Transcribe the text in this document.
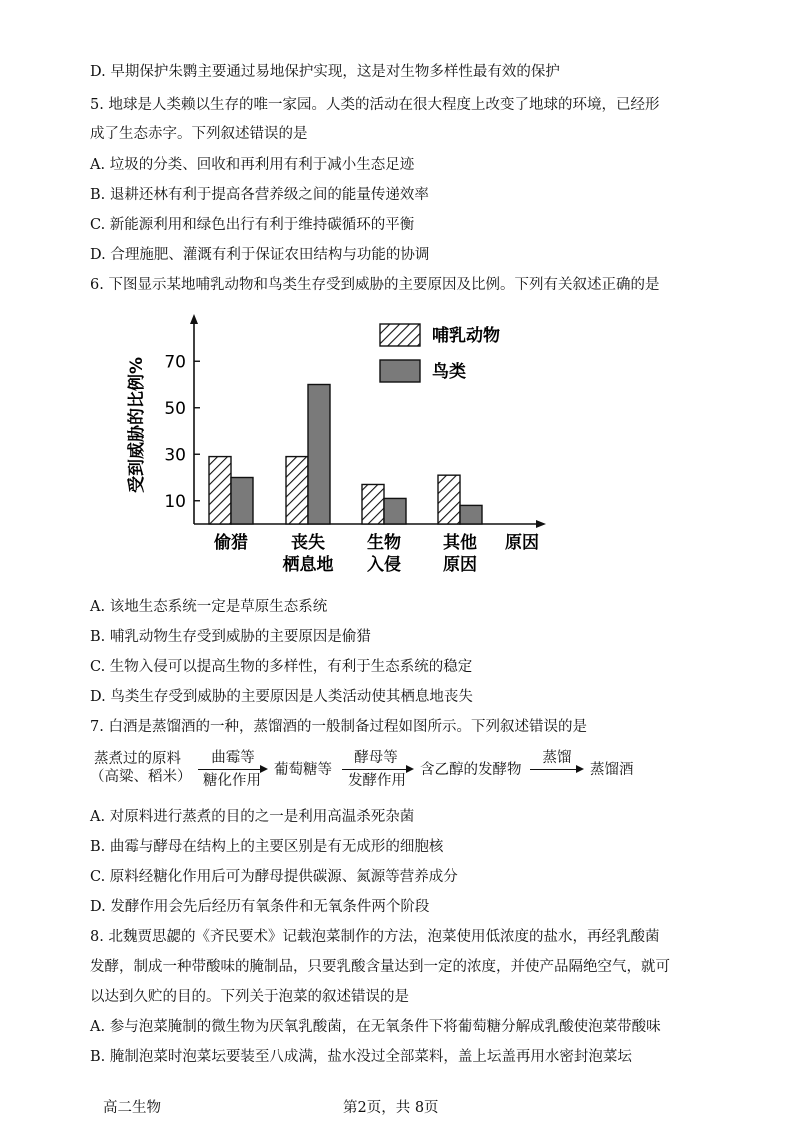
D. 早期保护朱鹮主要通过易地保护实现，这是对生物多样性最有效的保护
5. 地球是人类赖以生存的唯一家园。人类的活动在很大程度上改变了地球的环境，已经形
成了生态赤字。下列叙述错误的是
A. 垃圾的分类、回收和再利用有利于减小生态足迹
B. 退耕还林有利于提高各营养级之间的能量传递效率
C. 新能源利用和绿色出行有利于维持碳循环的平衡
D. 合理施肥、灌溉有利于保证农田结构与功能的协调
6. 下图显示某地哺乳动物和鸟类生存受到威胁的主要原因及比例。下列有关叙述正确的是
10
30
50
70
受到威胁的比例%
偷猎	丧失
栖息地
生物
入侵
其他
原因
原因
哺乳动物
鸟类
A. 该地生态系统一定是草原生态系统
B. 哺乳动物生存受到威胁的主要原因是偷猎
C. 生物入侵可以提高生物的多样性，有利于生态系统的稳定
D. 鸟类生存受到威胁的主要原因是人类活动使其栖息地丧失
7. 白酒是蒸馏酒的一种，蒸馏酒的一般制备过程如图所示。下列叙述错误的是
蒸煮过的原料
（高粱、稻米）
曲霉等
糖化作用
葡萄糖等
酵母等
发酵作用
含乙醇的发酵物
蒸馏
蒸馏酒
A. 对原料进行蒸煮的目的之一是利用高温杀死杂菌
B. 曲霉与酵母在结构上的主要区别是有无成形的细胞核
C. 原料经糖化作用后可为酵母提供碳源、氮源等营养成分
D. 发酵作用会先后经历有氧条件和无氧条件两个阶段
8. 北魏贾思勰的《齐民要术》记载泡菜制作的方法，泡菜使用低浓度的盐水，再经乳酸菌
发酵，制成一种带酸味的腌制品，只要乳酸含量达到一定的浓度，并使产品隔绝空气，就可
以达到久贮的目的。下列关于泡菜的叙述错误的是
A. 参与泡菜腌制的微生物为厌氧乳酸菌，在无氧条件下将葡萄糖分解成乳酸使泡菜带酸味
B. 腌制泡菜时泡菜坛要装至八成满，盐水没过全部菜料，盖上坛盖再用水密封泡菜坛
高二生物	第2页，共 8页
